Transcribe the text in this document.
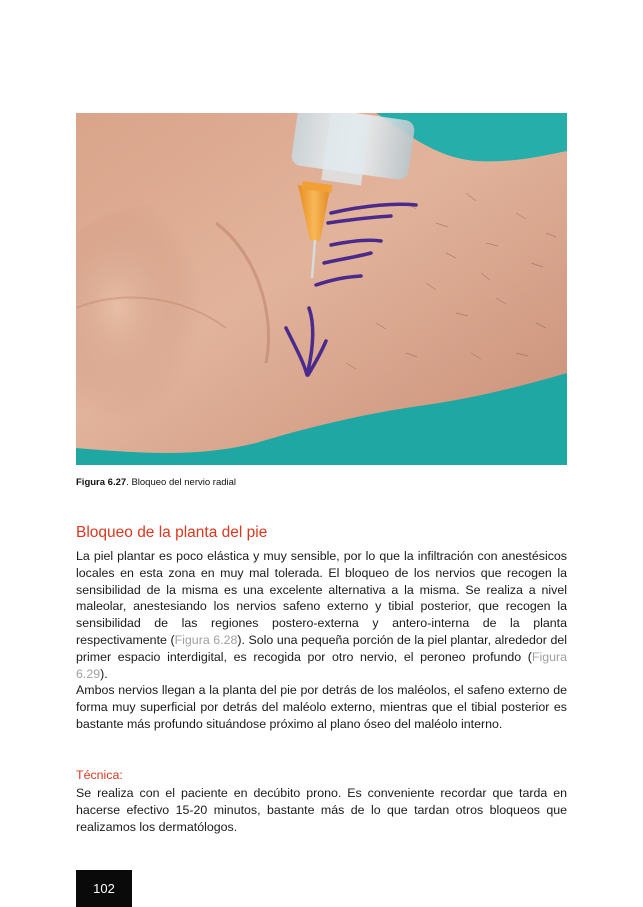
Figura 6.27. Bloqueo del nervio radial
Bloqueo de la planta del pie

La piel plantar es poco elástica y muy sensible, por lo que la infiltración con anestésicos locales en esta zona en muy mal tolerada. El bloqueo de los nervios que recogen la sensibilidad de la misma es una excelente alternativa a la misma. Se realiza a nivel maleolar, anestesiando los nervios safeno externo y tibial posterior, que recogen la sensibilidad de las regiones postero-externa y antero-interna de la planta respectivamente (Figura 6.28). Solo una pequeña porción de la piel plantar, alrededor del primer espacio interdigital, es recogida por otro nervio, el peroneo profundo (Figura 6.29).

Ambos nervios llegan a la planta del pie por detrás de los maléolos, el safeno externo de forma muy superficial por detrás del maléolo externo, mientras que el tibial posterior es bastante más profundo situándose próximo al plano óseo del maléolo interno.

Técnica:

Se realiza con el paciente en decúbito prono. Es conveniente recordar que tarda en hacerse efectivo 15-20 minutos, bastante más de lo que tardan otros bloqueos que realizamos los dermatólogos.

102
